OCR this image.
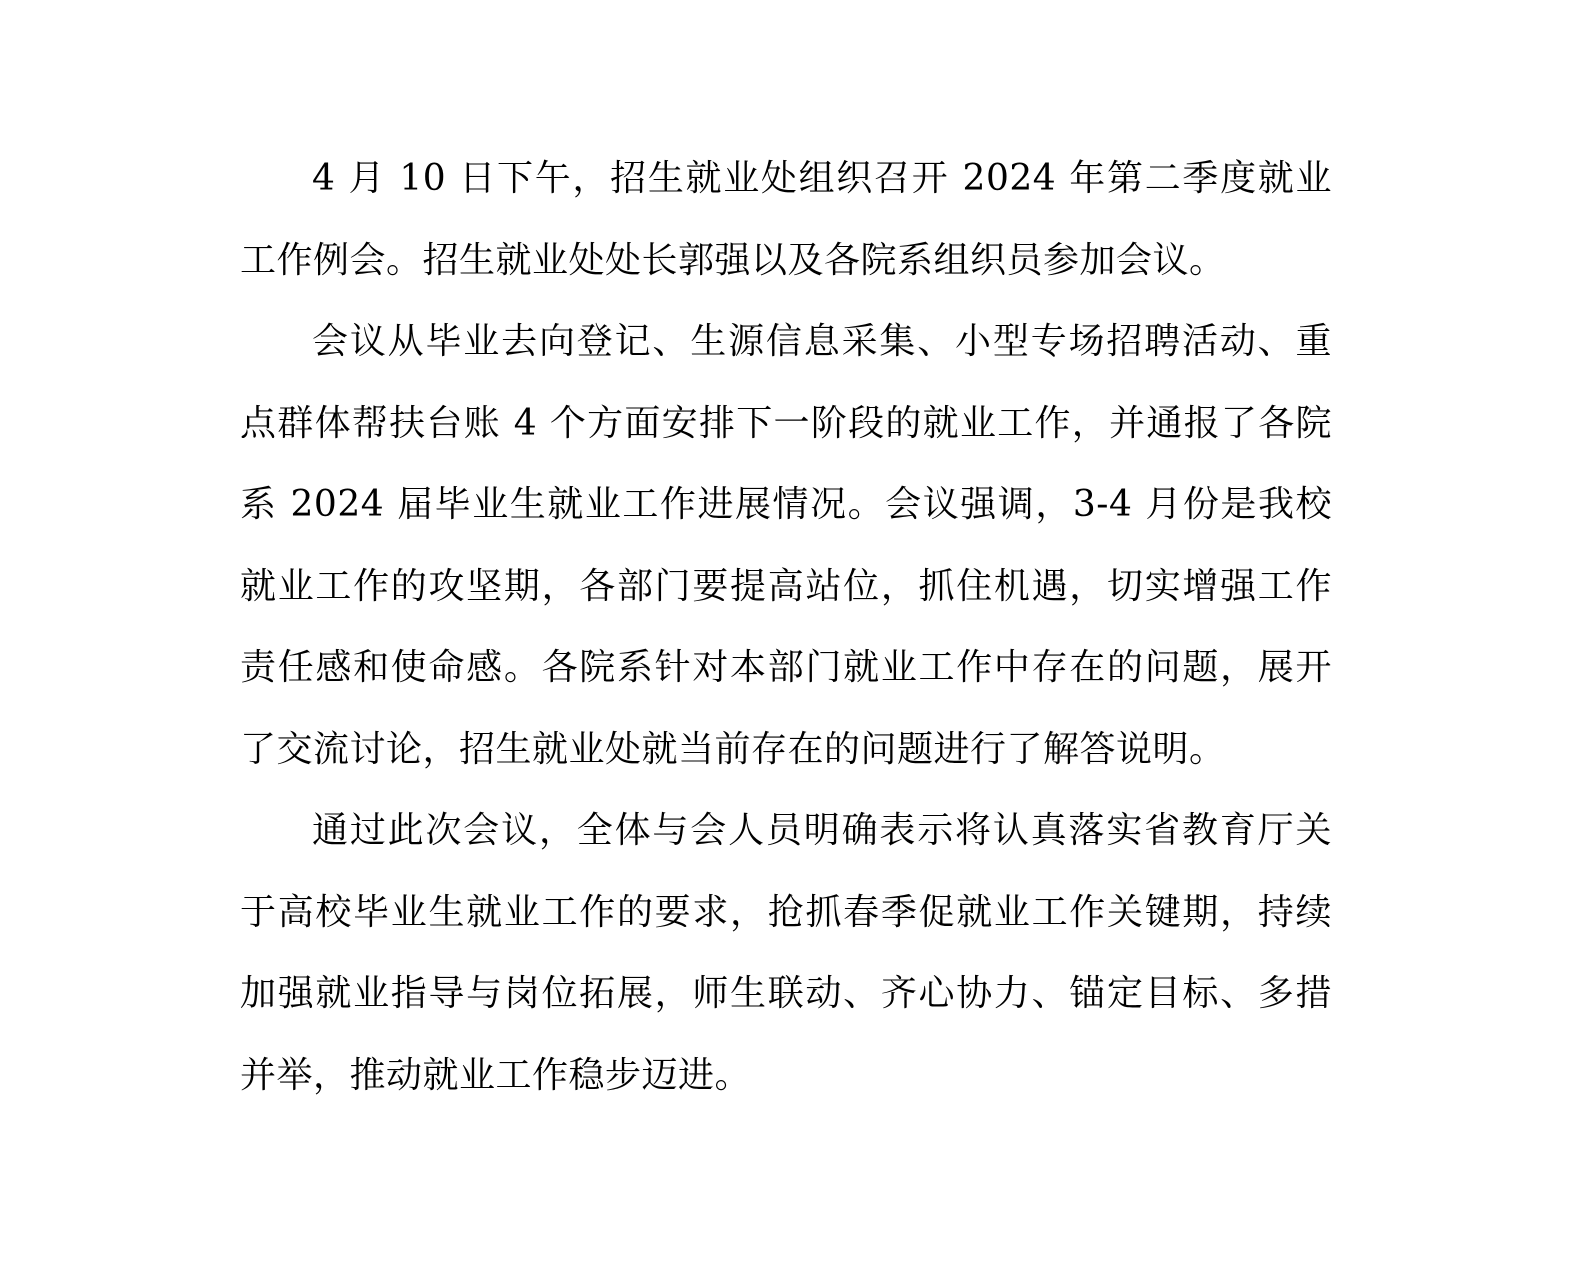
4 月 10 日下午，招生就业处组织召开 2024 年第二季度就业工作例会。招生就业处处长郭强以及各院系组织员参加会议。

会议从毕业去向登记、生源信息采集、小型专场招聘活动、重点群体帮扶台账 4 个方面安排下一阶段的就业工作，并通报了各院系 2024 届毕业生就业工作进展情况。会议强调，3-4 月份是我校就业工作的攻坚期，各部门要提高站位，抓住机遇，切实增强工作责任感和使命感。各院系针对本部门就业工作中存在的问题，展开了交流讨论，招生就业处就当前存在的问题进行了解答说明。

通过此次会议，全体与会人员明确表示将认真落实省教育厅关于高校毕业生就业工作的要求，抢抓春季促就业工作关键期，持续加强就业指导与岗位拓展，师生联动、齐心协力、锚定目标、多措并举，推动就业工作稳步迈进。
